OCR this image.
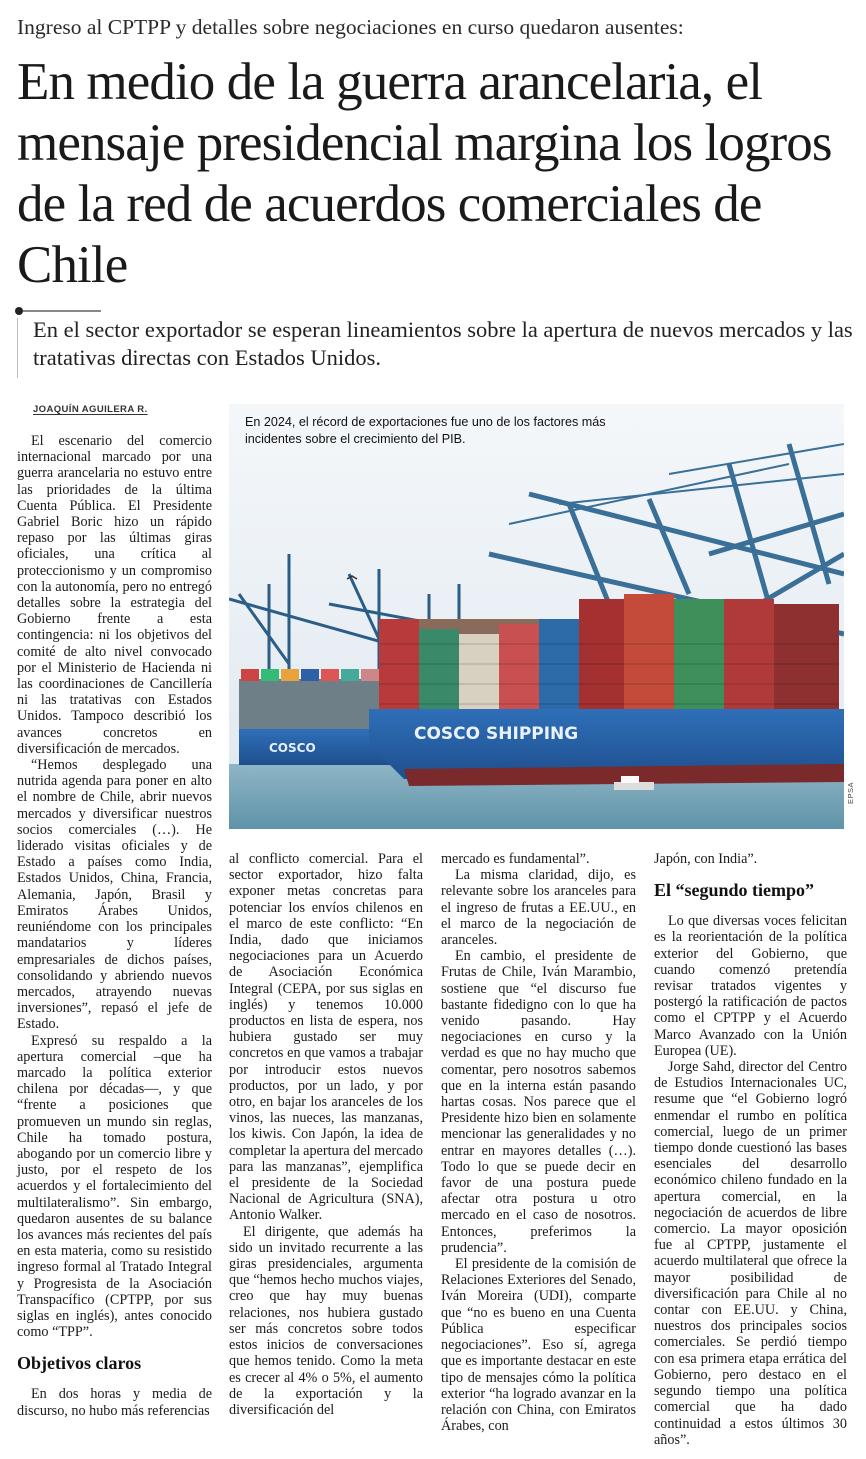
Ingreso al CPTPP y detalles sobre negociaciones en curso quedaron ausentes:
En medio de la guerra arancelaria, el mensaje presidencial margina los logros de la red de acuerdos comerciales de Chile
En el sector exportador se esperan lineamientos sobre la apertura de nuevos mercados y las tratativas directas con Estados Unidos.
JOAQUÍN AGUILERA R.

El escenario del comercio internacional marcado por una guerra arancelaria no estuvo entre las prioridades de la última Cuenta Pública. El Presidente Gabriel Boric hizo un rápido repaso por las últimas giras oficiales, una crítica al proteccionismo y un compromiso con la autonomía, pero no entregó detalles sobre la estrategia del Gobierno frente a esta contingencia: ni los objetivos del comité de alto nivel convocado por el Ministerio de Hacienda ni las coordinaciones de Cancillería ni las tratativas con Estados Unidos. Tampoco describió los avances concretos en diversificación de mercados.

“Hemos desplegado una nutrida agenda para poner en alto el nombre de Chile, abrir nuevos mercados y diversificar nuestros socios comerciales (…). He liderado visitas oficiales y de Estado a países como India, Estados Unidos, China, Francia, Alemania, Japón, Brasil y Emiratos Árabes Unidos, reuniéndome con los principales mandatarios y líderes empresariales de dichos países, consolidando y abriendo nuevos mercados, atrayendo nuevas inversiones”, repasó el jefe de Estado.

Expresó su respaldo a la apertura comercial –que ha marcado la política exterior chilena por décadas—, y que “frente a posiciones que promueven un mundo sin reglas, Chile ha tomado postura, abogando por un comercio libre y justo, por el respeto de los acuerdos y el fortalecimiento del multilateralismo”. Sin embargo, quedaron ausentes de su balance los avances más recientes del país en esta materia, como su resistido ingreso formal al Tratado Integral y Progresista de la Asociación Transpacífico (CPTPP, por sus siglas en inglés), antes conocido como “TPP”.

Objetivos claros

En dos horas y media de discurso, no hubo más referencias

En 2024, el récord de exportaciones fue uno de los factores más incidentes sobre el crecimiento del PIB.
COSCO
COSCO SHIPPING
EPSA

al conflicto comercial. Para el sector exportador, hizo falta exponer metas concretas para potenciar los envíos chilenos en el marco de este conflicto: “En India, dado que iniciamos negociaciones para un Acuerdo de Asociación Económica Integral (CEPA, por sus siglas en inglés) y tenemos 10.000 productos en lista de espera, nos hubiera gustado ser muy concretos en que vamos a trabajar por introducir estos nuevos productos, por un lado, y por otro, en bajar los aranceles de los vinos, las nueces, las manzanas, los kiwis. Con Japón, la idea de completar la apertura del mercado para las manzanas”, ejemplifica el presidente de la Sociedad Nacional de Agricultura (SNA), Antonio Walker.

El dirigente, que además ha sido un invitado recurrente a las giras presidenciales, argumenta que “hemos hecho muchos viajes, creo que hay muy buenas relaciones, nos hubiera gustado ser más concretos sobre todos estos inicios de conversaciones que hemos tenido. Como la meta es crecer al 4% o 5%, el aumento de la exportación y la diversificación del

mercado es fundamental”.

La misma claridad, dijo, es relevante sobre los aranceles para el ingreso de frutas a EE.UU., en el marco de la negociación de aranceles.

En cambio, el presidente de Frutas de Chile, Iván Marambio, sostiene que “el discurso fue bastante fidedigno con lo que ha venido pasando. Hay negociaciones en curso y la verdad es que no hay mucho que comentar, pero nosotros sabemos que en la interna están pasando hartas cosas. Nos parece que el Presidente hizo bien en solamente mencionar las generalidades y no entrar en mayores detalles (…). Todo lo que se puede decir en favor de una postura puede afectar otra postura u otro mercado en el caso de nosotros. Entonces, preferimos la prudencia”.

El presidente de la comisión de Relaciones Exteriores del Senado, Iván Moreira (UDI), comparte que “no es bueno en una Cuenta Pública especificar negociaciones”. Eso sí, agrega que es importante destacar en este tipo de mensajes cómo la política exterior “ha logrado avanzar en la relación con China, con Emiratos Árabes, con

Japón, con India”.

El “segundo tiempo”

Lo que diversas voces felicitan es la reorientación de la política exterior del Gobierno, que cuando comenzó pretendía revisar tratados vigentes y postergó la ratificación de pactos como el CPTPP y el Acuerdo Marco Avanzado con la Unión Europea (UE).

Jorge Sahd, director del Centro de Estudios Internacionales UC, resume que “el Gobierno logró enmendar el rumbo en política comercial, luego de un primer tiempo donde cuestionó las bases esenciales del desarrollo económico chileno fundado en la apertura comercial, en la negociación de acuerdos de libre comercio. La mayor oposición fue al CPTPP, justamente el acuerdo multilateral que ofrece la mayor posibilidad de diversificación para Chile al no contar con EE.UU. y China, nuestros dos principales socios comerciales. Se perdió tiempo con esa primera etapa errática del Gobierno, pero destaco en el segundo tiempo una política comercial que ha dado continuidad a estos últimos 30 años”.
